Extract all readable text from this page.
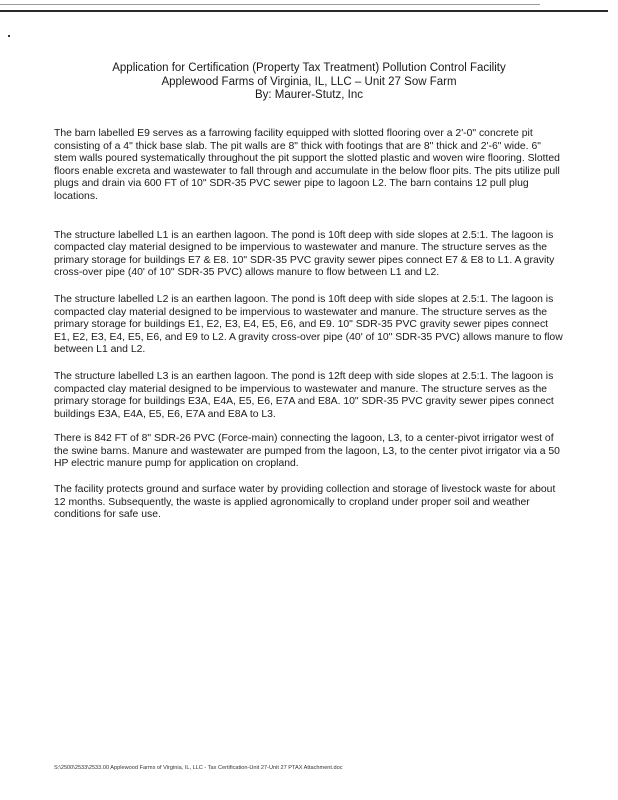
Application for Certification (Property Tax Treatment) Pollution Control Facility
Applewood Farms of Virginia, IL, LLC – Unit 27 Sow Farm
By: Maurer-Stutz, Inc

The barn labelled E9 serves as a farrowing facility equipped with slotted flooring over a 2'-0" concrete pit consisting of a 4" thick base slab. The pit walls are 8" thick with footings that are 8" thick and 2'-6" wide. 6" stem walls poured systematically throughout the pit support the slotted plastic and woven wire flooring. Slotted floors enable excreta and wastewater to fall through and accumulate in the below floor pits. The pits utilize pull plugs and drain via 600 FT of 10" SDR-35 PVC sewer pipe to lagoon L2. The barn contains 12 pull plug locations.

The structure labelled L1 is an earthen lagoon. The pond is 10ft deep with side slopes at 2.5:1. The lagoon is compacted clay material designed to be impervious to wastewater and manure. The structure serves as the primary storage for buildings E7 & E8. 10" SDR-35 PVC gravity sewer pipes connect E7 & E8 to L1. A gravity cross-over pipe (40' of 10" SDR-35 PVC) allows manure to flow between L1 and L2.

The structure labelled L2 is an earthen lagoon. The pond is 10ft deep with side slopes at 2.5:1. The lagoon is compacted clay material designed to be impervious to wastewater and manure. The structure serves as the primary storage for buildings E1, E2, E3, E4, E5, E6, and E9. 10" SDR-35 PVC gravity sewer pipes connect E1, E2, E3, E4, E5, E6, and E9 to L2. A gravity cross-over pipe (40' of 10" SDR-35 PVC) allows manure to flow between L1 and L2.

The structure labelled L3 is an earthen lagoon. The pond is 12ft deep with side slopes at 2.5:1. The lagoon is compacted clay material designed to be impervious to wastewater and manure. The structure serves as the primary storage for buildings E3A, E4A, E5, E6, E7A and E8A. 10" SDR-35 PVC gravity sewer pipes connect buildings E3A, E4A, E5, E6, E7A and E8A to L3.

There is 842 FT of 8" SDR-26 PVC (Force-main) connecting the lagoon, L3, to a center-pivot irrigator west of the swine barns. Manure and wastewater are pumped from the lagoon, L3, to the center pivot irrigator via a 50 HP electric manure pump for application on cropland.

The facility protects ground and surface water by providing collection and storage of livestock waste for about 12 months. Subsequently, the waste is applied agronomically to cropland under proper soil and weather conditions for safe use.

S:\2500\2533\2533.00 Applewood Farms of Virginia, IL, LLC - Tax Certification-Unit 27-Unit 27 PTAX Attachment.doc
